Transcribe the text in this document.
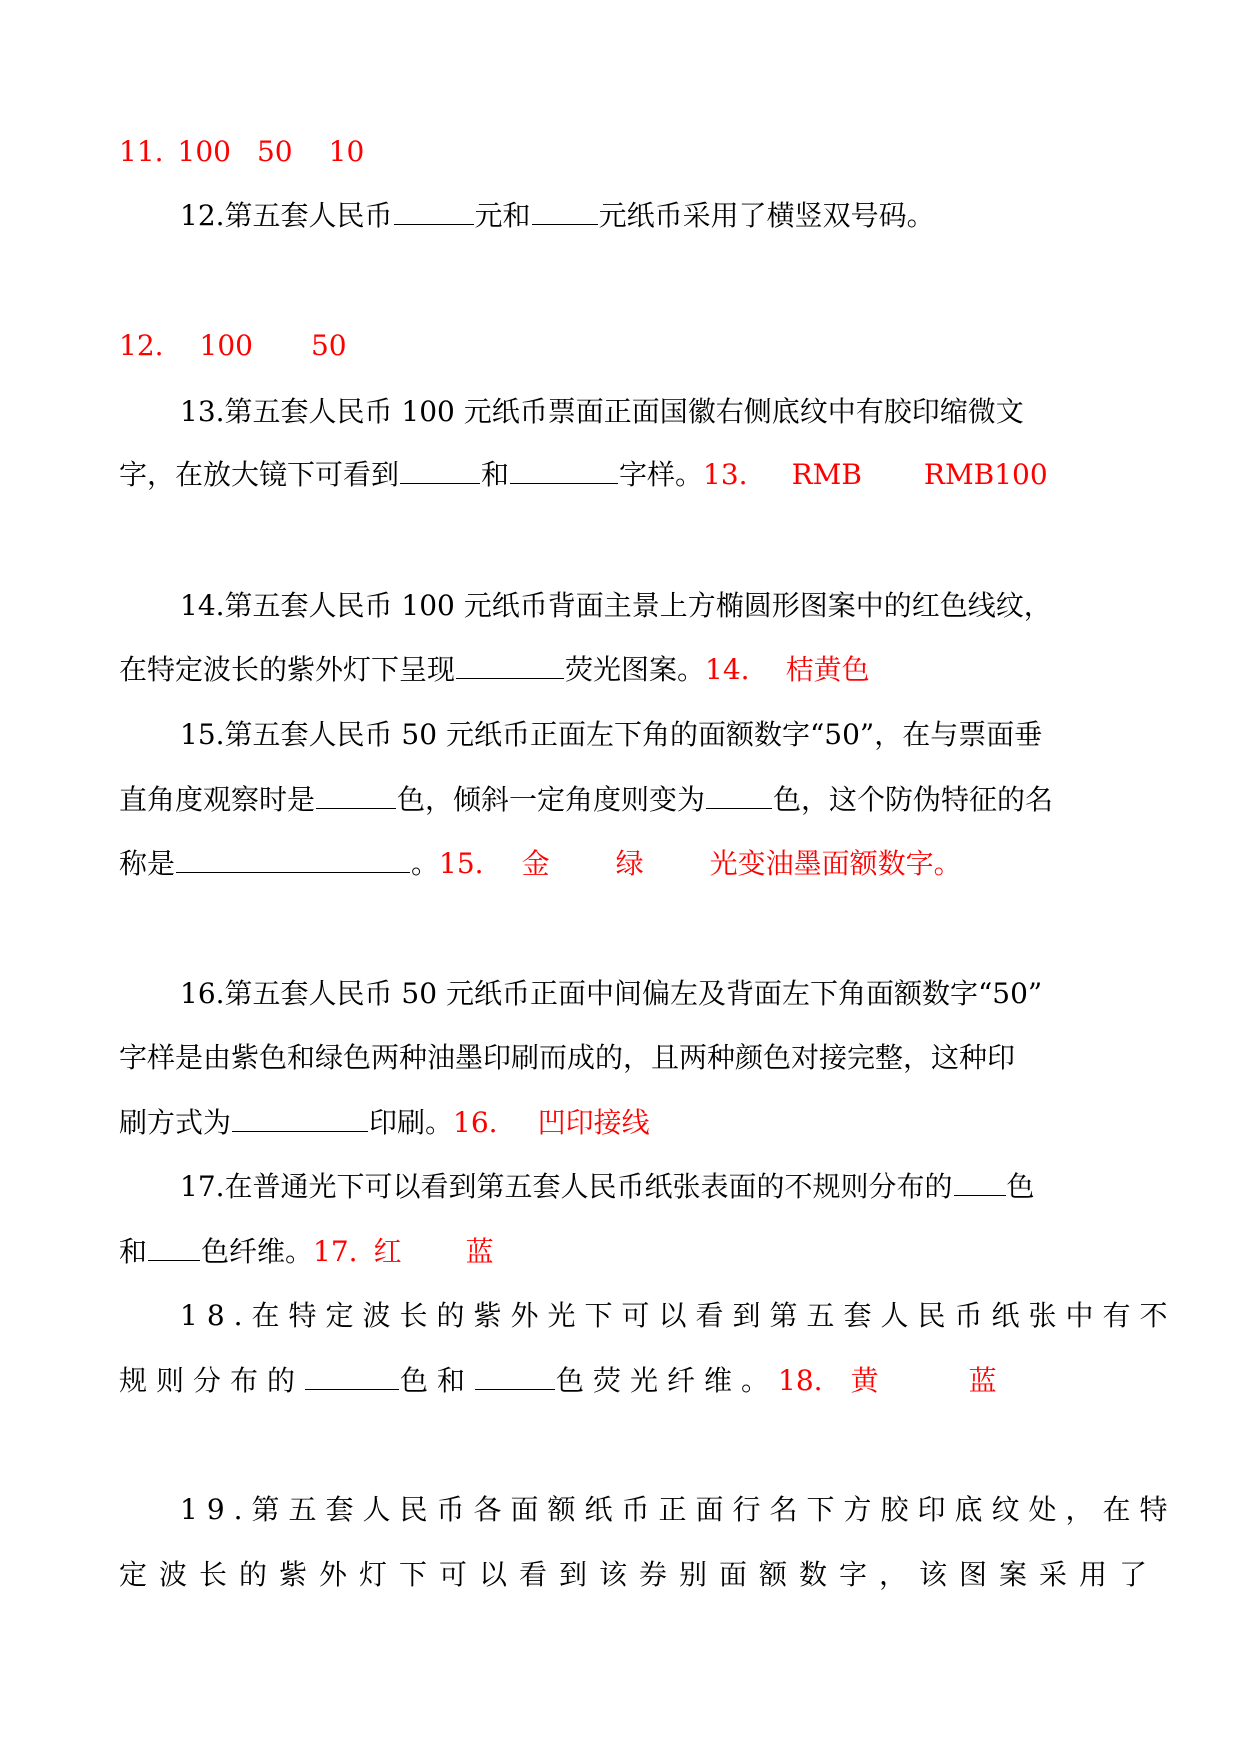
11. 100 50 10
12.第五套人民币	元和 元纸币采用了横竖双号码。
12. 100 50
13.第五套人民币 100 元纸币票面正面国徽右侧底纹中有胶印缩微文
字，在放大镜下可看到	和	字样。13. RMB RMB100
14.第五套人民币 100 元纸币背面主景上方椭圆形图案中的红色线纹，
在特定波长的紫外灯下呈现	荧光图案。14. 桔黄色
15.第五套人民币 50 元纸币正面左下角的面额数字“50”，在与票面垂
直角度观察时是	色，倾斜一定角度则变为 色，这个防伪特征的名
称是	。15. 金 绿 光变油墨面额数字。
16.第五套人民币 50 元纸币正面中间偏左及背面左下角面额数字“50”
字样是由紫色和绿色两种油墨印刷而成的，且两种颜色对接完整，这种印
刷方式为	印刷。16. 凹印接线
17.在普通光下可以看到第五套人民币纸张表面的不规则分布的 色
和 色纤维。17. 红 蓝
18.在特定波长的紫外光下可以看到第五套人民币纸张中有不
规则分布的	色和	色荧光纤维。18. 黄	蓝
19.第五套人民币各面额纸币正面行名下方胶印底纹处，在特
定波长的紫外灯下可以看到该券别面额数字，该图案采用了
